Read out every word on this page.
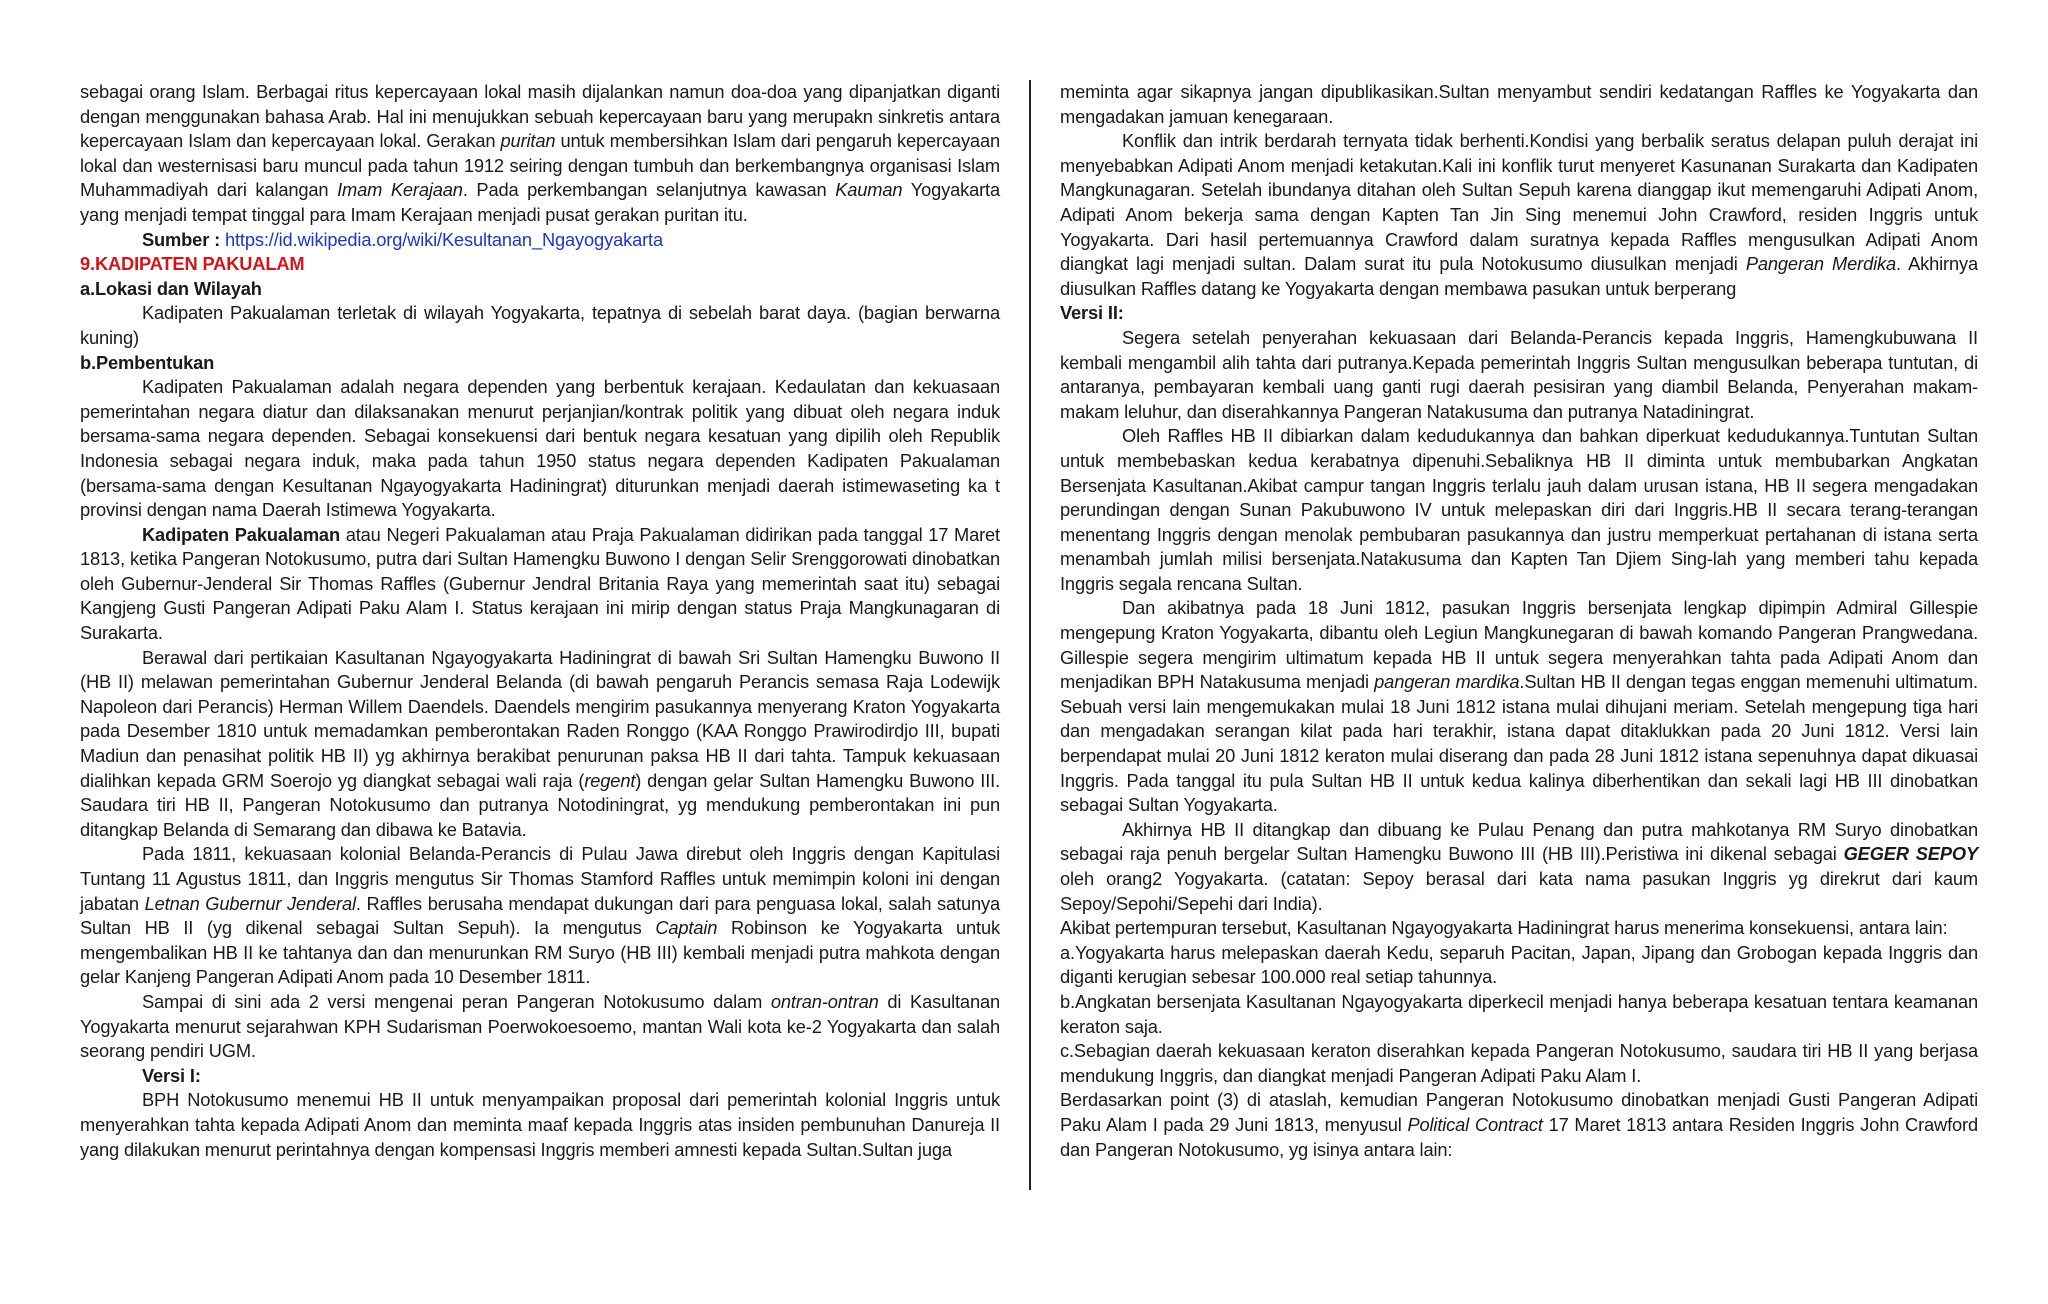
sebagai orang Islam. Berbagai ritus kepercayaan lokal masih dijalankan namun doa-doa yang dipanjatkan diganti dengan menggunakan bahasa Arab. Hal ini menujukkan sebuah kepercayaan baru yang merupakn sinkretis antara kepercayaan Islam dan kepercayaan lokal. Gerakan puritan untuk membersihkan Islam dari pengaruh kepercayaan lokal dan westernisasi baru muncul pada tahun 1912 seiring dengan tumbuh dan berkembangnya organisasi Islam Muhammadiyah dari kalangan Imam Kerajaan. Pada perkembangan selanjutnya kawasan Kauman Yogyakarta yang menjadi tempat tinggal para Imam Kerajaan menjadi pusat gerakan puritan itu.

Sumber : https://id.wikipedia.org/wiki/Kesultanan_Ngayogyakarta

9.KADIPATEN PAKUALAM

a.Lokasi dan Wilayah

Kadipaten Pakualaman terletak di wilayah Yogyakarta, tepatnya di sebelah barat daya. (bagian berwarna kuning)

b.Pembentukan

Kadipaten Pakualaman adalah negara dependen yang berbentuk kerajaan. Kedaulatan dan kekuasaan pemerintahan negara diatur dan dilaksanakan menurut perjanjian/kontrak politik yang dibuat oleh negara induk bersama-sama negara dependen. Sebagai konsekuensi dari bentuk negara kesatuan yang dipilih oleh Republik Indonesia sebagai negara induk, maka pada tahun 1950 status negara dependen Kadipaten Pakualaman (bersama-sama dengan Kesultanan Ngayogyakarta Hadiningrat) diturunkan menjadi daerah istimewaseting ka t provinsi dengan nama Daerah Istimewa Yogyakarta.

Kadipaten Pakualaman atau Negeri Pakualaman atau Praja Pakualaman didirikan pada tanggal 17 Maret 1813, ketika Pangeran Notokusumo, putra dari Sultan Hamengku Buwono I dengan Selir Srenggorowati dinobatkan oleh Gubernur-Jenderal Sir Thomas Raffles (Gubernur Jendral Britania Raya yang memerintah saat itu) sebagai Kangjeng Gusti Pangeran Adipati Paku Alam I. Status kerajaan ini mirip dengan status Praja Mangkunagaran di Surakarta.

Berawal dari pertikaian Kasultanan Ngayogyakarta Hadiningrat di bawah Sri Sultan Hamengku Buwono II (HB II) melawan pemerintahan Gubernur Jenderal Belanda (di bawah pengaruh Perancis semasa Raja Lodewijk Napoleon dari Perancis) Herman Willem Daendels. Daendels mengirim pasukannya menyerang Kraton Yogyakarta pada Desember 1810 untuk memadamkan pemberontakan Raden Ronggo (KAA Ronggo Prawirodirdjo III, bupati Madiun dan penasihat politik HB II) yg akhirnya berakibat penurunan paksa HB II dari tahta. Tampuk kekuasaan dialihkan kepada GRM Soerojo yg diangkat sebagai wali raja (regent) dengan gelar Sultan Hamengku Buwono III. Saudara tiri HB II, Pangeran Notokusumo dan putranya Notodiningrat, yg mendukung pemberontakan ini pun ditangkap Belanda di Semarang dan dibawa ke Batavia.

Pada 1811, kekuasaan kolonial Belanda-Perancis di Pulau Jawa direbut oleh Inggris dengan Kapitulasi Tuntang 11 Agustus 1811, dan Inggris mengutus Sir Thomas Stamford Raffles untuk memimpin koloni ini dengan jabatan Letnan Gubernur Jenderal. Raffles berusaha mendapat dukungan dari para penguasa lokal, salah satunya Sultan HB II (yg dikenal sebagai Sultan Sepuh). Ia mengutus Captain Robinson ke Yogyakarta untuk mengembalikan HB II ke tahtanya dan dan menurunkan RM Suryo (HB III) kembali menjadi putra mahkota dengan gelar Kanjeng Pangeran Adipati Anom pada 10 Desember 1811.

Sampai di sini ada 2 versi mengenai peran Pangeran Notokusumo dalam ontran-ontran di Kasultanan Yogyakarta menurut sejarahwan KPH Sudarisman Poerwokoesoemo, mantan Wali kota ke-2 Yogyakarta dan salah seorang pendiri UGM.

Versi I:

BPH Notokusumo menemui HB II untuk menyampaikan proposal dari pemerintah kolonial Inggris untuk menyerahkan tahta kepada Adipati Anom dan meminta maaf kepada Inggris atas insiden pembunuhan Danureja II yang dilakukan menurut perintahnya dengan kompensasi Inggris memberi amnesti kepada Sultan.Sultan juga

meminta agar sikapnya jangan dipublikasikan.Sultan menyambut sendiri kedatangan Raffles ke Yogyakarta dan mengadakan jamuan kenegaraan.

Konflik dan intrik berdarah ternyata tidak berhenti.Kondisi yang berbalik seratus delapan puluh derajat ini menyebabkan Adipati Anom menjadi ketakutan.Kali ini konflik turut menyeret Kasunanan Surakarta dan Kadipaten Mangkunagaran. Setelah ibundanya ditahan oleh Sultan Sepuh karena dianggap ikut memengaruhi Adipati Anom, Adipati Anom bekerja sama dengan Kapten Tan Jin Sing menemui John Crawford, residen Inggris untuk Yogyakarta. Dari hasil pertemuannya Crawford dalam suratnya kepada Raffles mengusulkan Adipati Anom diangkat lagi menjadi sultan. Dalam surat itu pula Notokusumo diusulkan menjadi Pangeran Merdika. Akhirnya diusulkan Raffles datang ke Yogyakarta dengan membawa pasukan untuk berperang

Versi II:

Segera setelah penyerahan kekuasaan dari Belanda-Perancis kepada Inggris, Hamengkubuwana II kembali mengambil alih tahta dari putranya.Kepada pemerintah Inggris Sultan mengusulkan beberapa tuntutan, di antaranya, pembayaran kembali uang ganti rugi daerah pesisiran yang diambil Belanda, Penyerahan makam-makam leluhur, dan diserahkannya Pangeran Natakusuma dan putranya Natadiningrat.

Oleh Raffles HB II dibiarkan dalam kedudukannya dan bahkan diperkuat kedudukannya.Tuntutan Sultan untuk membebaskan kedua kerabatnya dipenuhi.Sebaliknya HB II diminta untuk membubarkan Angkatan Bersenjata Kasultanan.Akibat campur tangan Inggris terlalu jauh dalam urusan istana, HB II segera mengadakan perundingan dengan Sunan Pakubuwono IV untuk melepaskan diri dari Inggris.HB II secara terang-terangan menentang Inggris dengan menolak pembubaran pasukannya dan justru memperkuat pertahanan di istana serta menambah jumlah milisi bersenjata.Natakusuma dan Kapten Tan Djiem Sing-lah yang memberi tahu kepada Inggris segala rencana Sultan.

Dan akibatnya pada 18 Juni 1812, pasukan Inggris bersenjata lengkap dipimpin Admiral Gillespie mengepung Kraton Yogyakarta, dibantu oleh Legiun Mangkunegaran di bawah komando Pangeran Prangwedana. Gillespie segera mengirim ultimatum kepada HB II untuk segera menyerahkan tahta pada Adipati Anom dan menjadikan BPH Natakusuma menjadi pangeran mardika.Sultan HB II dengan tegas enggan memenuhi ultimatum. Sebuah versi lain mengemukakan mulai 18 Juni 1812 istana mulai dihujani meriam. Setelah mengepung tiga hari dan mengadakan serangan kilat pada hari terakhir, istana dapat ditaklukkan pada 20 Juni 1812. Versi lain berpendapat mulai 20 Juni 1812 keraton mulai diserang dan pada 28 Juni 1812 istana sepenuhnya dapat dikuasai Inggris. Pada tanggal itu pula Sultan HB II untuk kedua kalinya diberhentikan dan sekali lagi HB III dinobatkan sebagai Sultan Yogyakarta.

Akhirnya HB II ditangkap dan dibuang ke Pulau Penang dan putra mahkotanya RM Suryo dinobatkan sebagai raja penuh bergelar Sultan Hamengku Buwono III (HB III).Peristiwa ini dikenal sebagai GEGER SEPOY oleh orang2 Yogyakarta. (catatan: Sepoy berasal dari kata nama pasukan Inggris yg direkrut dari kaum Sepoy/Sepohi/Sepehi dari India).

Akibat pertempuran tersebut, Kasultanan Ngayogyakarta Hadiningrat harus menerima konsekuensi, antara lain:

a.Yogyakarta harus melepaskan daerah Kedu, separuh Pacitan, Japan, Jipang dan Grobogan kepada Inggris dan diganti kerugian sebesar 100.000 real setiap tahunnya.

b.Angkatan bersenjata Kasultanan Ngayogyakarta diperkecil menjadi hanya beberapa kesatuan tentara keamanan keraton saja.

c.Sebagian daerah kekuasaan keraton diserahkan kepada Pangeran Notokusumo, saudara tiri HB II yang berjasa mendukung Inggris, dan diangkat menjadi Pangeran Adipati Paku Alam I.

Berdasarkan point (3) di ataslah, kemudian Pangeran Notokusumo dinobatkan menjadi Gusti Pangeran Adipati Paku Alam I pada 29 Juni 1813, menyusul Political Contract 17 Maret 1813 antara Residen Inggris John Crawford dan Pangeran Notokusumo, yg isinya antara lain:
